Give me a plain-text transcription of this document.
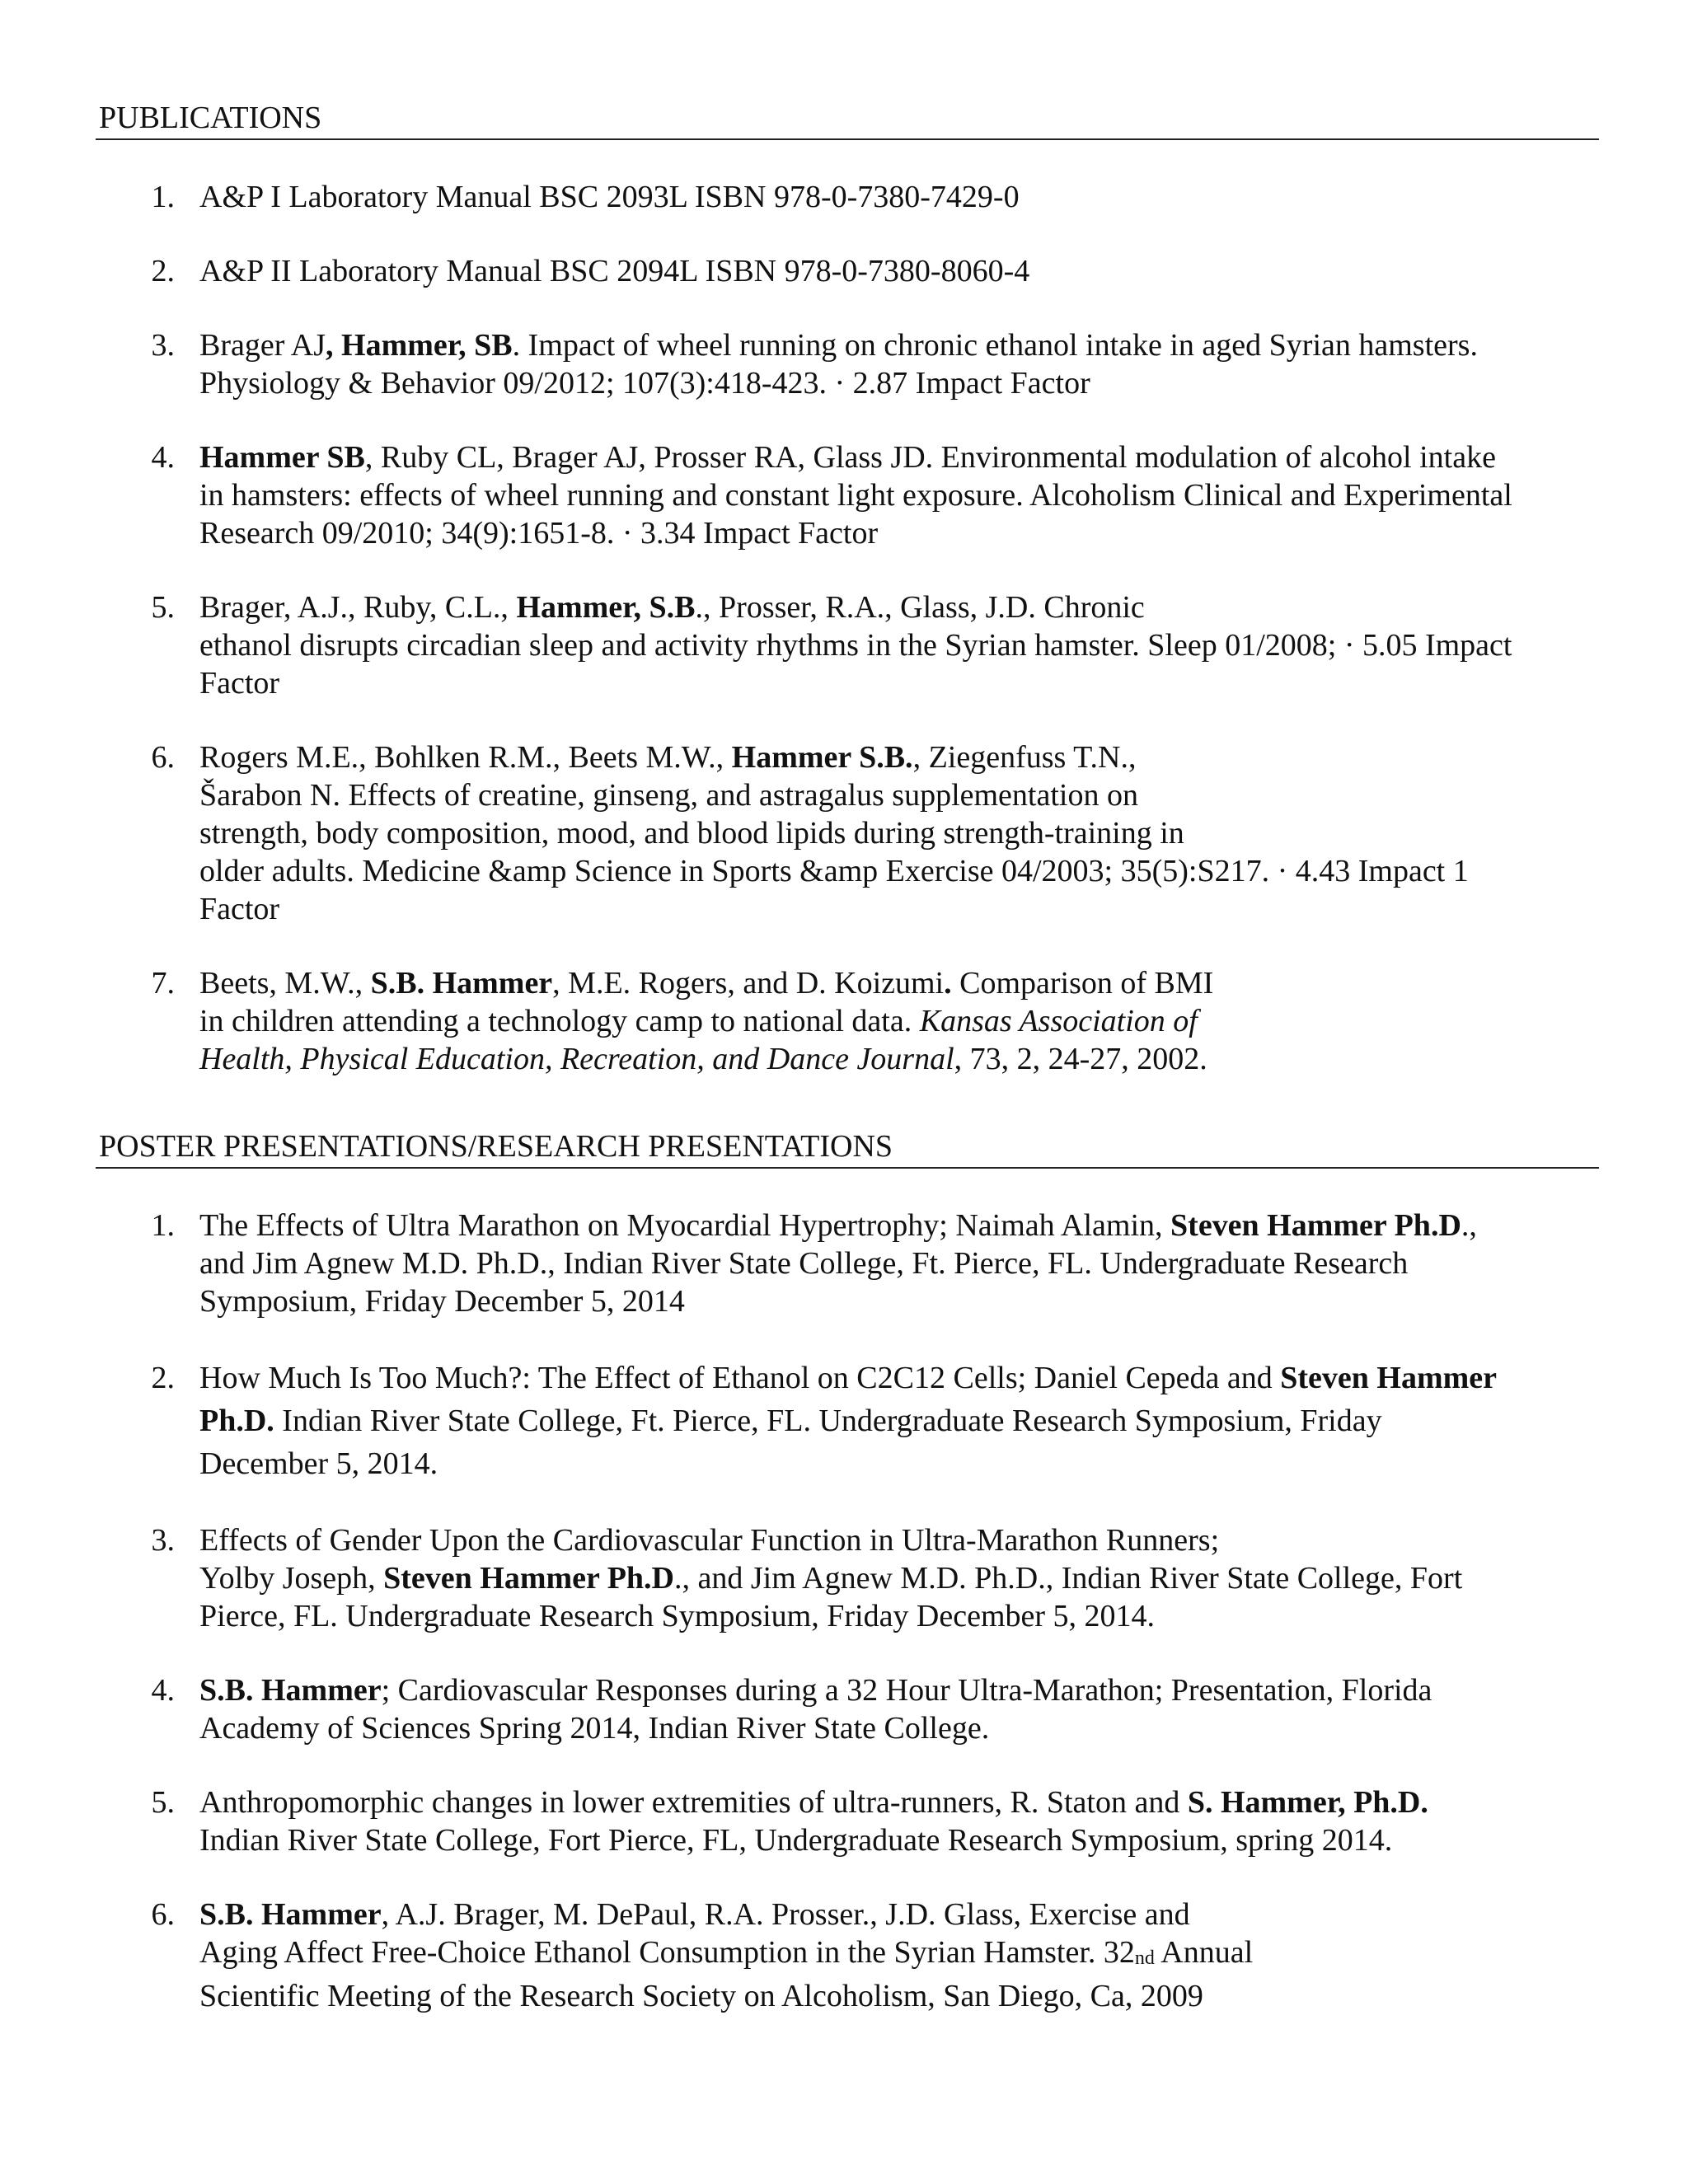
PUBLICATIONS
1. A&P I Laboratory Manual BSC 2093L ISBN 978-0-7380-7429-0
2. A&P II Laboratory Manual BSC 2094L ISBN 978-0-7380-8060-4
3. Brager AJ, Hammer, SB. Impact of wheel running on chronic ethanol intake in aged Syrian hamsters.
Physiology & Behavior 09/2012; 107(3):418-423. · 2.87 Impact Factor
4. Hammer SB, Ruby CL, Brager AJ, Prosser RA, Glass JD. Environmental modulation of alcohol intake
in hamsters: effects of wheel running and constant light exposure. Alcoholism Clinical and Experimental
Research 09/2010; 34(9):1651-8. · 3.34 Impact Factor
5. Brager, A.J., Ruby, C.L., Hammer, S.B., Prosser, R.A., Glass, J.D. Chronic
ethanol disrupts circadian sleep and activity rhythms in the Syrian hamster. Sleep 01/2008; · 5.05 Impact
Factor
6. Rogers M.E., Bohlken R.M., Beets M.W., Hammer S.B., Ziegenfuss T.N.,
Šarabon N. Effects of creatine, ginseng, and astragalus supplementation on
strength, body composition, mood, and blood lipids during strength-training in
older adults. Medicine &amp Science in Sports &amp Exercise 04/2003; 35(5):S217. · 4.43 Impact 1
Factor
7. Beets, M.W., S.B. Hammer, M.E. Rogers, and D. Koizumi. Comparison of BMI
in children attending a technology camp to national data. Kansas Association of
Health, Physical Education, Recreation, and Dance Journal, 73, 2, 24-27, 2002.
POSTER PRESENTATIONS/RESEARCH PRESENTATIONS
1. The Effects of Ultra Marathon on Myocardial Hypertrophy; Naimah Alamin, Steven Hammer Ph.D.,
and Jim Agnew M.D. Ph.D., Indian River State College, Ft. Pierce, FL. Undergraduate Research
Symposium, Friday December 5, 2014
2. How Much Is Too Much?: The Effect of Ethanol on C2C12 Cells; Daniel Cepeda and Steven Hammer
Ph.D. Indian River State College, Ft. Pierce, FL. Undergraduate Research Symposium, Friday
December 5, 2014.
3. Effects of Gender Upon the Cardiovascular Function in Ultra-Marathon Runners;
Yolby Joseph, Steven Hammer Ph.D., and Jim Agnew M.D. Ph.D., Indian River State College, Fort
Pierce, FL. Undergraduate Research Symposium, Friday December 5, 2014.
4. S.B. Hammer; Cardiovascular Responses during a 32 Hour Ultra-Marathon; Presentation, Florida
Academy of Sciences Spring 2014, Indian River State College.
5. Anthropomorphic changes in lower extremities of ultra-runners, R. Staton and S. Hammer, Ph.D.
Indian River State College, Fort Pierce, FL, Undergraduate Research Symposium, spring 2014.
6. S.B. Hammer, A.J. Brager, M. DePaul, R.A. Prosser., J.D. Glass, Exercise and
Aging Affect Free-Choice Ethanol Consumption in the Syrian Hamster. $32_{nd}$ Annual
Scientific Meeting of the Research Society on Alcoholism, San Diego, Ca, 2009
